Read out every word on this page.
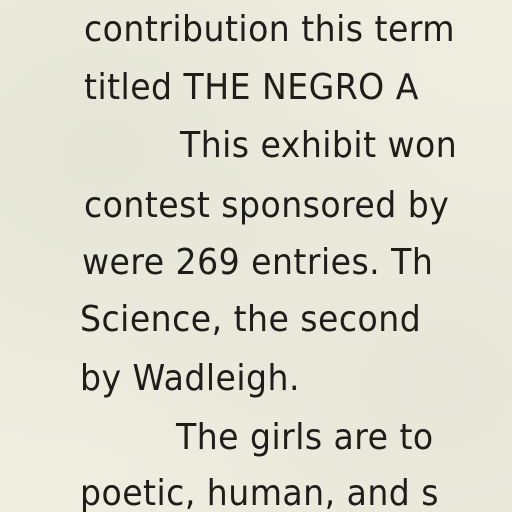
contribution this term
titled THE NEGRO A
This exhibit won
contest sponsored by
were 269 entries. Th
Science, the second
by Wadleigh.
The girls are to
poetic, human, and s
